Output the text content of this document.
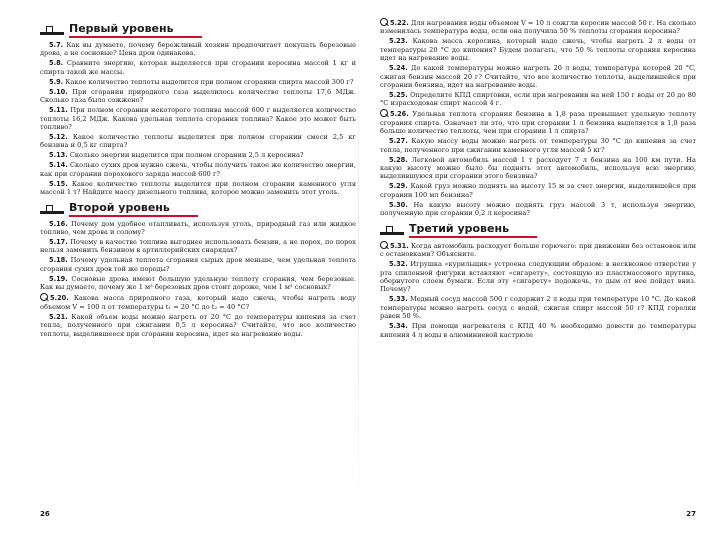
Первый уровень
5.7. Как вы думаете, почему бережливый хозяин предпочитает покупать березовые дрова, а не сосновые? Цена дров одинакова.
5.8. Сравните энергию, которая выделяется при сгорании керосина массой 1 кг и спирта такой же массы.
5.9. Какое количество теплоты выделится при полном сгорании спирта массой 300 г?
5.10. При сгорании природного газа выделилось количество теплоты 17,6 МДж. Сколько газа было сожжено?
5.11. При полном сгорании некоторого топлива массой 600 г выделяется количество теплоты 16,2 МДж. Какова удельная теплота сгорания топлива? Какое это может быть топливо?
5.12. Какое количество теплоты выделится при полном сгорании смеси 2,5 кг бензина и 0,5 кг спирта?
5.13. Сколько энергии выделится при полном сгорании 2,5 л керосина?
5.14. Сколько сухих дров нужно сжечь, чтобы получить такое же количество энергии, как при сгорании порохового заряда массой 600 г?
5.15. Какое количество теплоты выделится при полном сгорании каменного угля массой 1 т? Найдите массу дизельного топлива, которое можно заменить этот уголь.
Второй уровень
5.16. Почему дом удобнее отапливать, используя уголь, природный газ или жидкое топливо, чем дрова и солому?
5.17. Почему в качестве топлива выгоднее использовать бензин, а не порох, по порох нельзя заменить бензином в артиллерийских снарядах?
5.18. Почему удельная теплота сгорания сырых дров меньше, чем удельная теплота сгорания сухих дров той же породы?
5.19. Сосновые дрова имеют большую удельную теплоту сгорания, чем березовые. Как вы думаете, почему же 1 м³ березовых дров стоит дороже, чем 1 м³ сосновых?
5.20. Какова масса природного газа, который надо сжечь, чтобы нагреть воду объемом V = 100 л от температуры t₁ = 20 °C до t₂ = 40 °C?
5.21. Какой объем воды можно нагреть от 20 °C до температуры кипения за счет тепла, полученного при сжигании 0,5 л керосина? Считайте, что все количество теплоты, выделившееся при сгорании керосина, идет на нагревание воды.
26
5.22. Для нагревания воды объемом V = 10 л сожгли керосин массой 50 г. На сколько изменилась температура воды, если она получила 50 % теплоты сгорания керосина?
5.23. Какова масса керосина, который надо сжечь, чтобы нагреть 2 л воды от температуры 20 °C до кипения? Будем полагать, что 50 % теплоты сгорания керосина идет на нагревание воды.
5.24. До какой температуры можно нагреть 20 л воды, температура которой 20 °C, сжигая бензин массой 20 г? Считайте, что все количество теплоты, выделившейся при сгорании бензина, идет на нагревание воды.
5.25. Определите КПД спиртовки, если при нагревании на ней 150 г воды от 20 до 80 °C израсходован спирт массой 4 г.
5.26. Удельная теплота сгорания бензина в 1,8 раза превышает удельную теплоту сгорания спирта. Означает ли это, что при сгорании 1 л бензина выделяется в 1,8 раза больше количество теплоты, чем при сгорании 1 л спирта?
5.27. Какую массу воды можно нагреть от температуры 30 °C до кипения за счет тепла, полученного при сжигании каменного угля массой 5 кг?
5.28. Легковой автомобиль массой 1 т расходует 7 л бензина на 100 км пути. На какую высоту можно было бы поднять этот автомобиль, используя всю энергию, выделившуюся при сгорании этого бензина?
5.29. Какой груз можно поднять на высоту 15 м за счет энергии, выделившейся при сгорании 100 мл бензина?
5.30. На какую высоту можно поднять груз массой 3 т, используя энергию, полученную при сгорании 0,2 л керосина?
Третий уровень
5.31. Когда автомобиль расходует больше горючего: при движении без остановок или с остановками? Объясните.
5.32. Игрушка «курильщик» устроена следующим образом: в несквозное отверстие у рта спиленной фигурки вставляют «сигарету», состоящую из пластмассового прутика, обернутого слоем бумаги. Если эту «сигарету» подожечь, то дым от нее пойдет вниз. Почему?
5.33. Медный сосуд массой 500 г содержит 2 л воды при температуре 10 °C. До какой температуры можно нагреть сосуд с водой, сжигая спирт массой 50 г? КПД горелки равен 50 %.
5.34. При помощи нагревателя с КПД 40 % необходимо довести до температуры кипения 4 л воды в алюминиевой кастрюле
27
